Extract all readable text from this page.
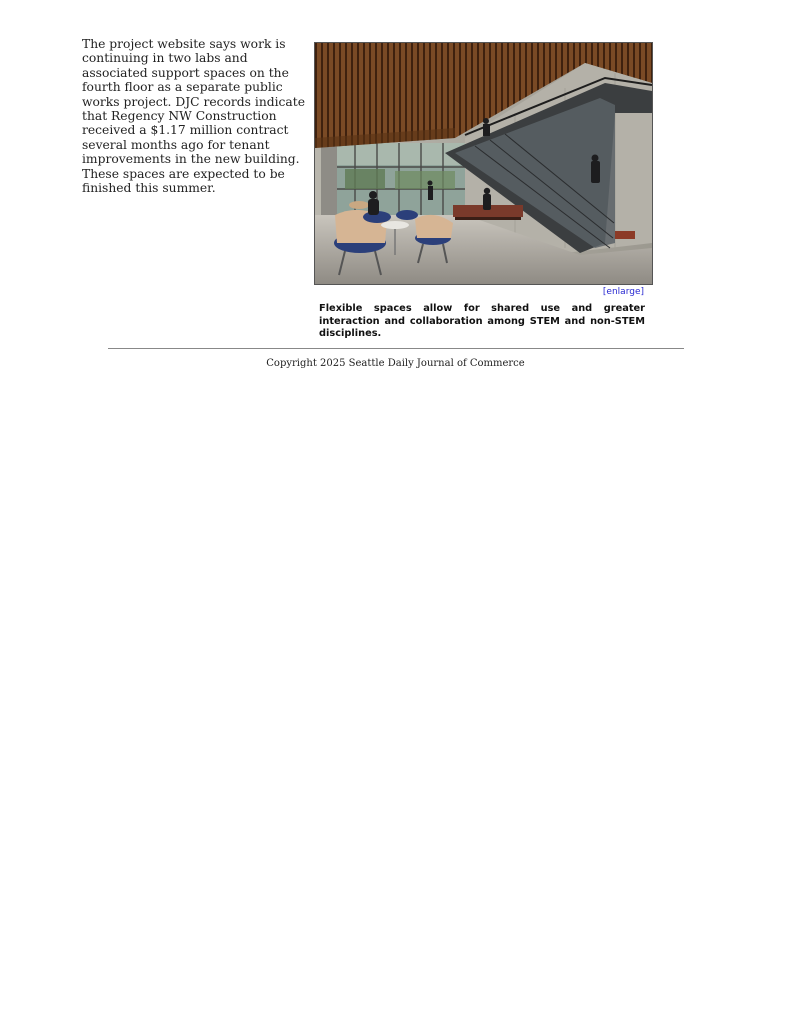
The project website says work is continuing in two labs and associated support spaces on the fourth floor as a separate public works project. DJC records indicate that Regency NW Construction received a $1.17 million contract several months ago for tenant improvements in the new building. These spaces are expected to be finished this summer.

[enlarge]

Flexible spaces allow for shared use and greater interaction and collaboration among STEM and non-STEM disciplines.

Copyright 2025 Seattle Daily Journal of Commerce
